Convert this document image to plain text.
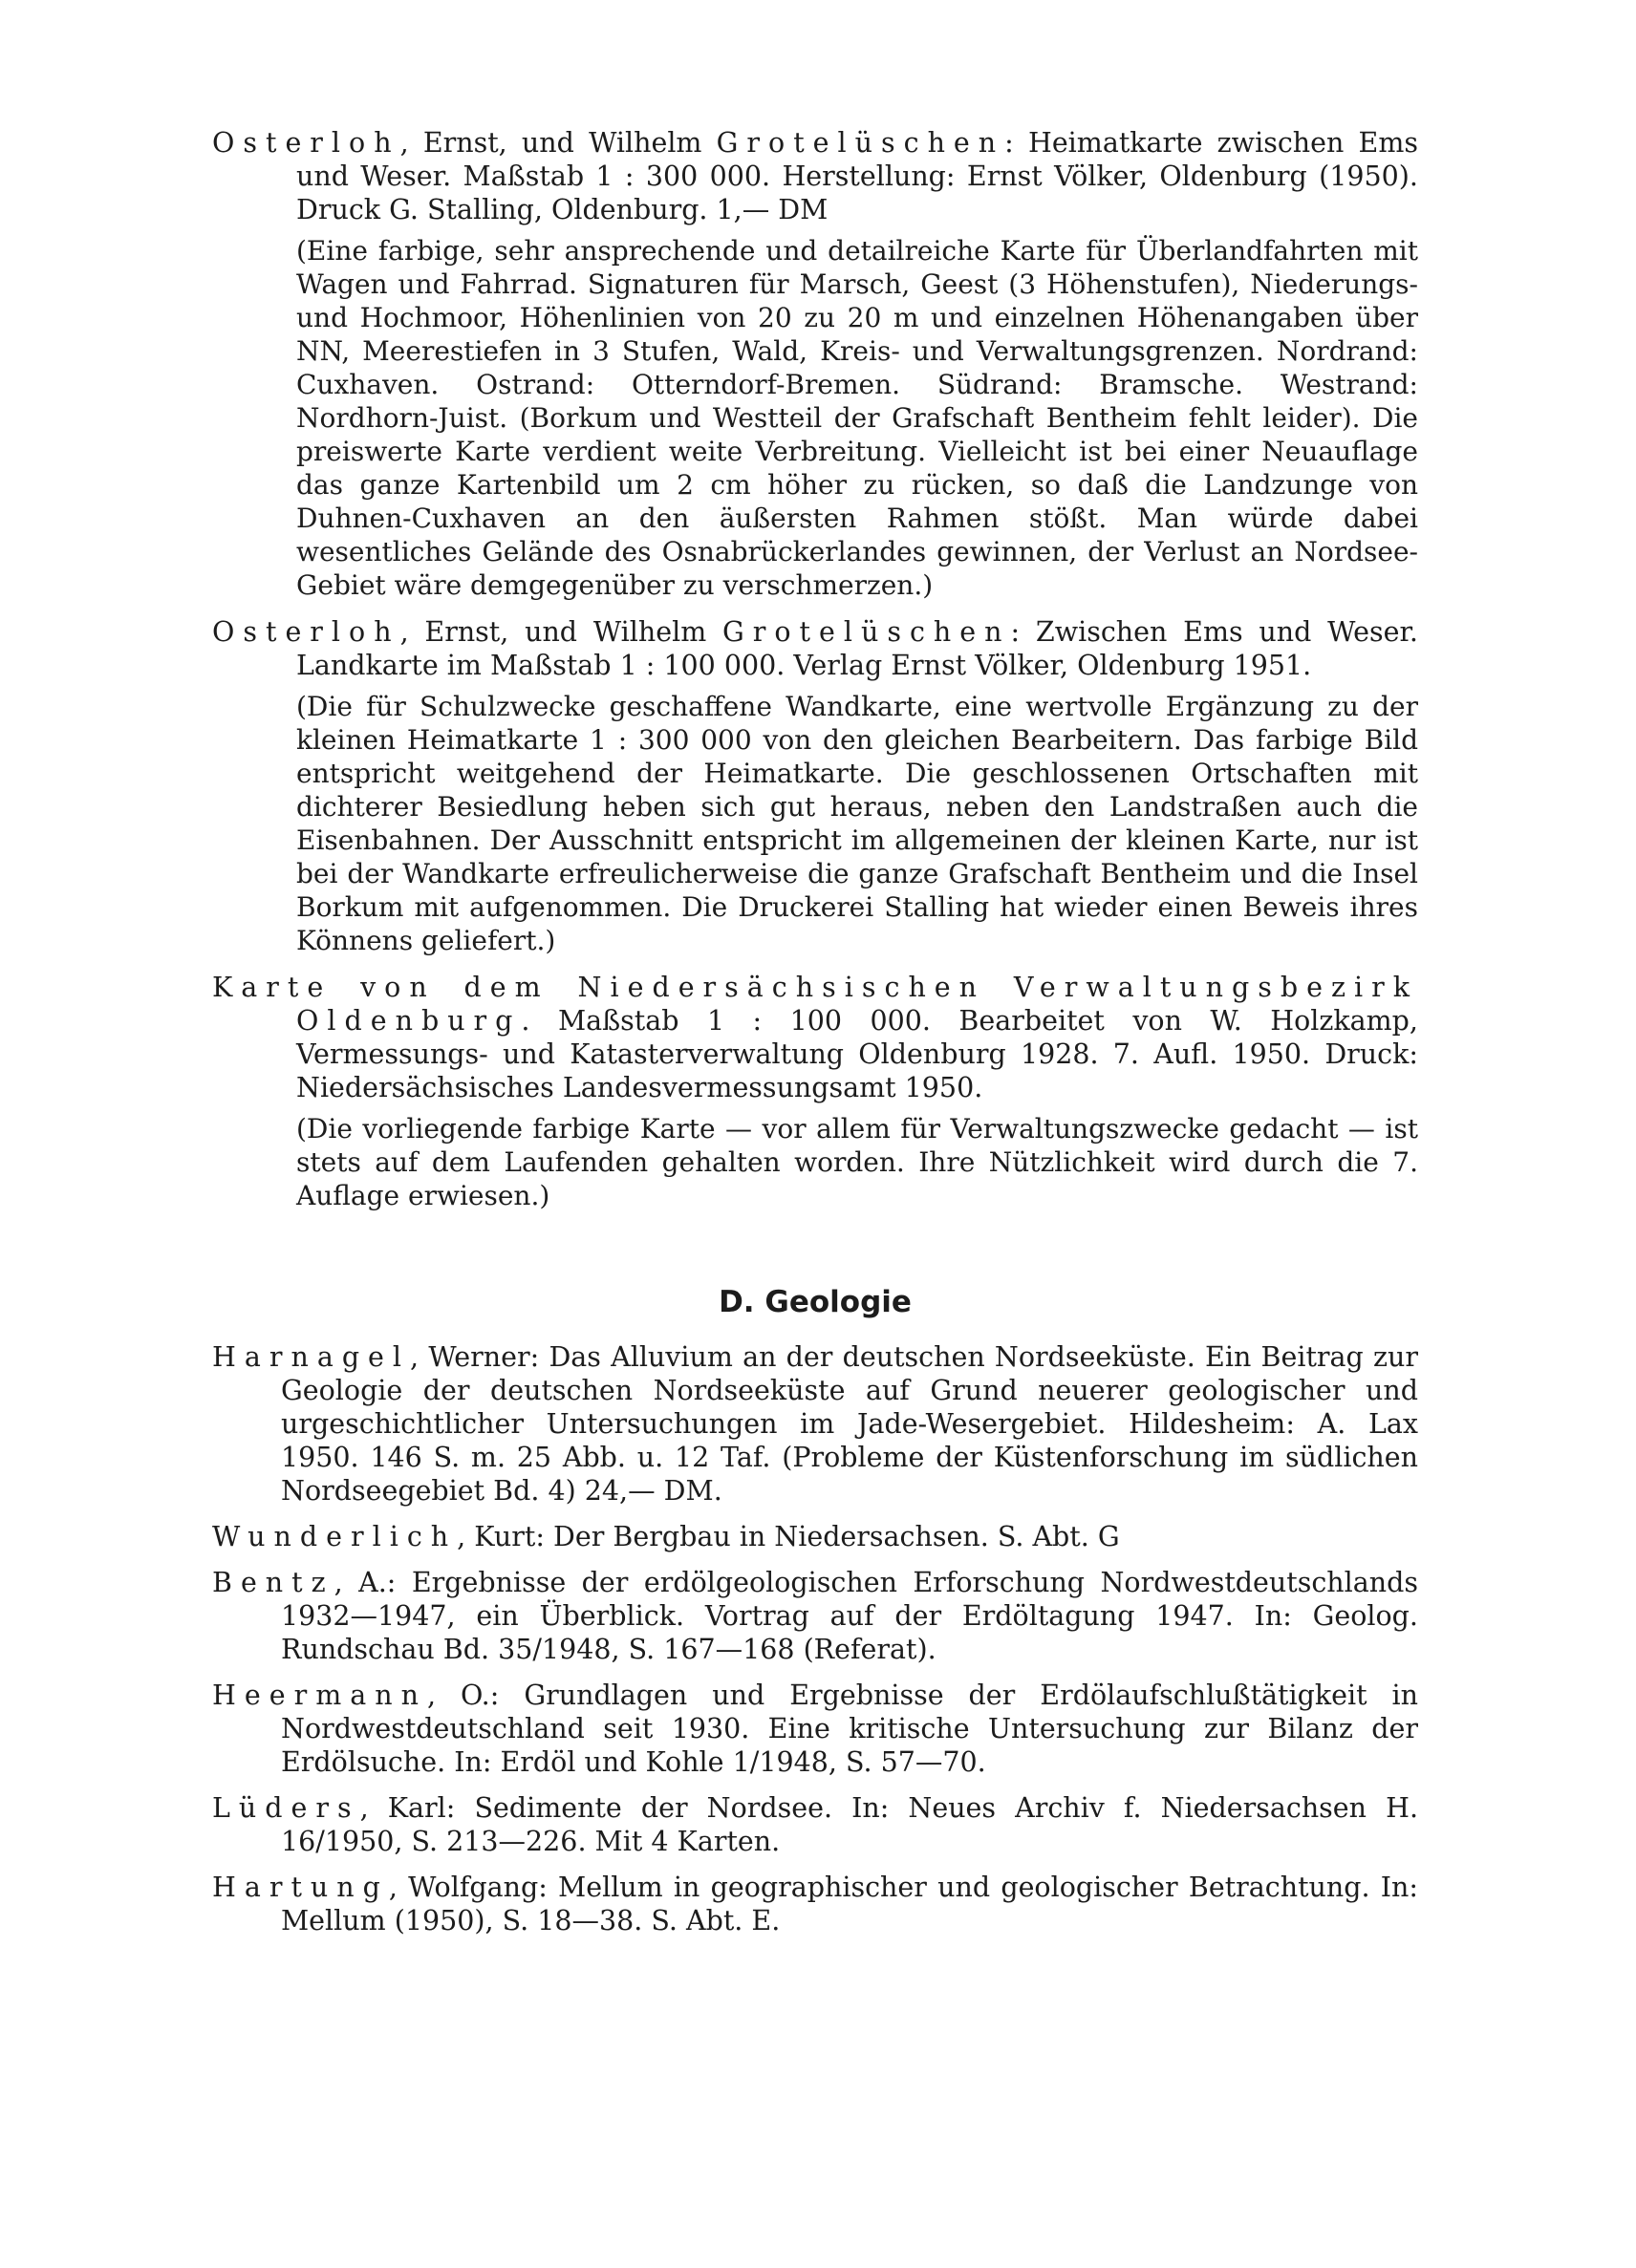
Osterloh, Ernst, und Wilhelm Grotelüschen: Heimatkarte zwischen Ems und Weser. Maßstab 1 : 300 000. Herstellung: Ernst Völker, Oldenburg (1950). Druck G. Stalling, Oldenburg. 1,— DM

(Eine farbige, sehr ansprechende und detailreiche Karte für Überlandfahrten mit Wagen und Fahrrad. Signaturen für Marsch, Geest (3 Höhenstufen), Niederungs- und Hochmoor, Höhenlinien von 20 zu 20 m und einzelnen Höhenangaben über NN, Meerestiefen in 3 Stufen, Wald, Kreis- und Verwaltungsgrenzen. Nordrand: Cuxhaven. Ostrand: Otterndorf-Bremen. Südrand: Bramsche. Westrand: Nordhorn-Juist. (Borkum und Westteil der Grafschaft Bentheim fehlt leider). Die preiswerte Karte verdient weite Verbreitung. Vielleicht ist bei einer Neuauflage das ganze Kartenbild um 2 cm höher zu rücken, so daß die Landzunge von Duhnen-Cuxhaven an den äußersten Rahmen stößt. Man würde dabei wesentliches Gelände des Osnabrückerlandes gewinnen, der Verlust an Nordsee-Gebiet wäre demgegenüber zu verschmerzen.)

Osterloh, Ernst, und Wilhelm Grotelüschen: Zwischen Ems und Weser. Landkarte im Maßstab 1 : 100 000. Verlag Ernst Völker, Oldenburg 1951.

(Die für Schulzwecke geschaffene Wandkarte, eine wertvolle Ergänzung zu der kleinen Heimatkarte 1 : 300 000 von den gleichen Bearbeitern. Das farbige Bild entspricht weitgehend der Heimatkarte. Die geschlossenen Ortschaften mit dichterer Besiedlung heben sich gut heraus, neben den Landstraßen auch die Eisenbahnen. Der Ausschnitt entspricht im allgemeinen der kleinen Karte, nur ist bei der Wandkarte erfreulicherweise die ganze Grafschaft Bentheim und die Insel Borkum mit aufgenommen. Die Druckerei Stalling hat wieder einen Beweis ihres Könnens geliefert.)

Karte von dem Niedersächsischen Verwaltungsbezirk Oldenburg. Maßstab 1 : 100 000. Bearbeitet von W. Holzkamp, Vermessungs- und Katasterverwaltung Oldenburg 1928. 7. Aufl. 1950. Druck: Niedersächsisches Landesvermessungsamt 1950.

(Die vorliegende farbige Karte — vor allem für Verwaltungszwecke gedacht — ist stets auf dem Laufenden gehalten worden. Ihre Nützlichkeit wird durch die 7. Auflage erwiesen.)

D. Geologie

Harnagel, Werner: Das Alluvium an der deutschen Nordseeküste. Ein Beitrag zur Geologie der deutschen Nordseeküste auf Grund neuerer geologischer und urgeschichtlicher Untersuchungen im Jade-Wesergebiet. Hildesheim: A. Lax 1950. 146 S. m. 25 Abb. u. 12 Taf. (Probleme der Küstenforschung im südlichen Nordseegebiet Bd. 4) 24,— DM.

Wunderlich, Kurt: Der Bergbau in Niedersachsen. S. Abt. G

Bentz, A.: Ergebnisse der erdölgeologischen Erforschung Nordwestdeutschlands 1932—1947, ein Überblick. Vortrag auf der Erdöltagung 1947. In: Geolog. Rundschau Bd. 35/1948, S. 167—168 (Referat).

Heermann, O.: Grundlagen und Ergebnisse der Erdölaufschlußtätigkeit in Nordwestdeutschland seit 1930. Eine kritische Untersuchung zur Bilanz der Erdölsuche. In: Erdöl und Kohle 1/1948, S. 57—70.

Lüders, Karl: Sedimente der Nordsee. In: Neues Archiv f. Niedersachsen H. 16/1950, S. 213—226. Mit 4 Karten.

Hartung, Wolfgang: Mellum in geographischer und geologischer Betrachtung. In: Mellum (1950), S. 18—38. S. Abt. E.
